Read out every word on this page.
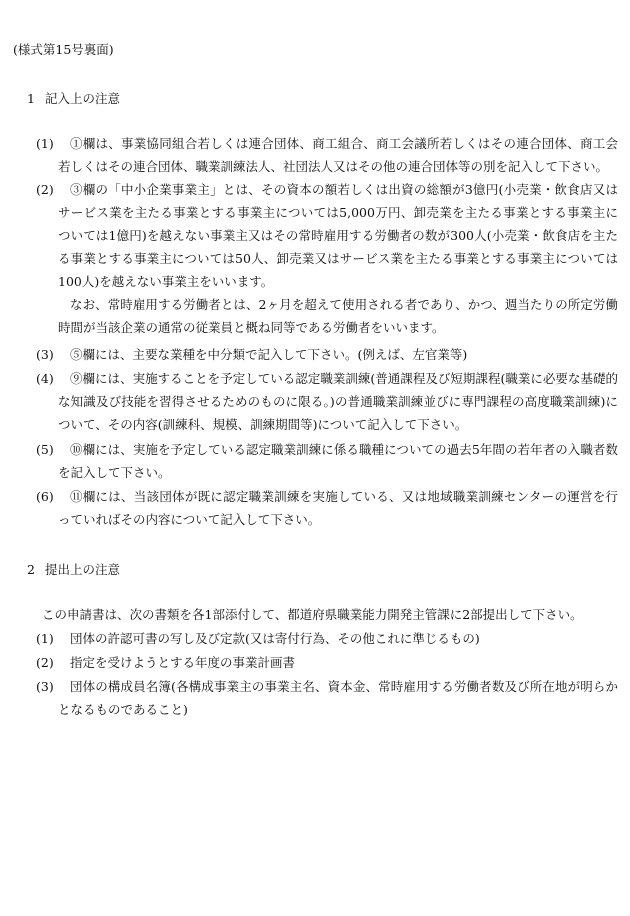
(様式第15号裏面)
1 記入上の注意
(1)	①欄は、事業協同組合若しくは連合団体、商工組合、商工会議所若しくはその連合団体、商工会若しくはその連合団体、職業訓練法人、社団法人又はその他の連合団体等の別を記入して下さい。
(2)	③欄の「中小企業事業主」とは、その資本の額若しくは出資の総額が3億円(小売業・飲食店又はサービス業を主たる事業とする事業主については5,000万円、卸売業を主たる事業とする事業主については1億円)を越えない事業主又はその常時雇用する労働者の数が300人(小売業・飲食店を主たる事業とする事業主については50人、卸売業又はサービス業を主たる事業とする事業主については100人)を越えない事業主をいいます。
なお、常時雇用する労働者とは、2ヶ月を超えて使用される者であり、かつ、週当たりの所定労働時間が当該企業の通常の従業員と概ね同等である労働者をいいます。
(3)	⑤欄には、主要な業種を中分類で記入して下さい。(例えば、左官業等)
(4)	⑨欄には、実施することを予定している認定職業訓練(普通課程及び短期課程(職業に必要な基礎的な知識及び技能を習得させるためのものに限る。)の普通職業訓練並びに専門課程の高度職業訓練)について、その内容(訓練科、規模、訓練期間等)について記入して下さい。
(5)	⑩欄には、実施を予定している認定職業訓練に係る職種についての過去5年間の若年者の入職者数を記入して下さい。
(6)	⑪欄には、当該団体が既に認定職業訓練を実施している、又は地域職業訓練センターの運営を行っていればその内容について記入して下さい。
2 提出上の注意
この申請書は、次の書類を各1部添付して、都道府県職業能力開発主管課に2部提出して下さい。
(1)	団体の許認可書の写し及び定款(又は寄付行為、その他これに準じるもの)
(2)	指定を受けようとする年度の事業計画書
(3)	団体の構成員名簿(各構成事業主の事業主名、資本金、常時雇用する労働者数及び所在地が明らかとなるものであること)
